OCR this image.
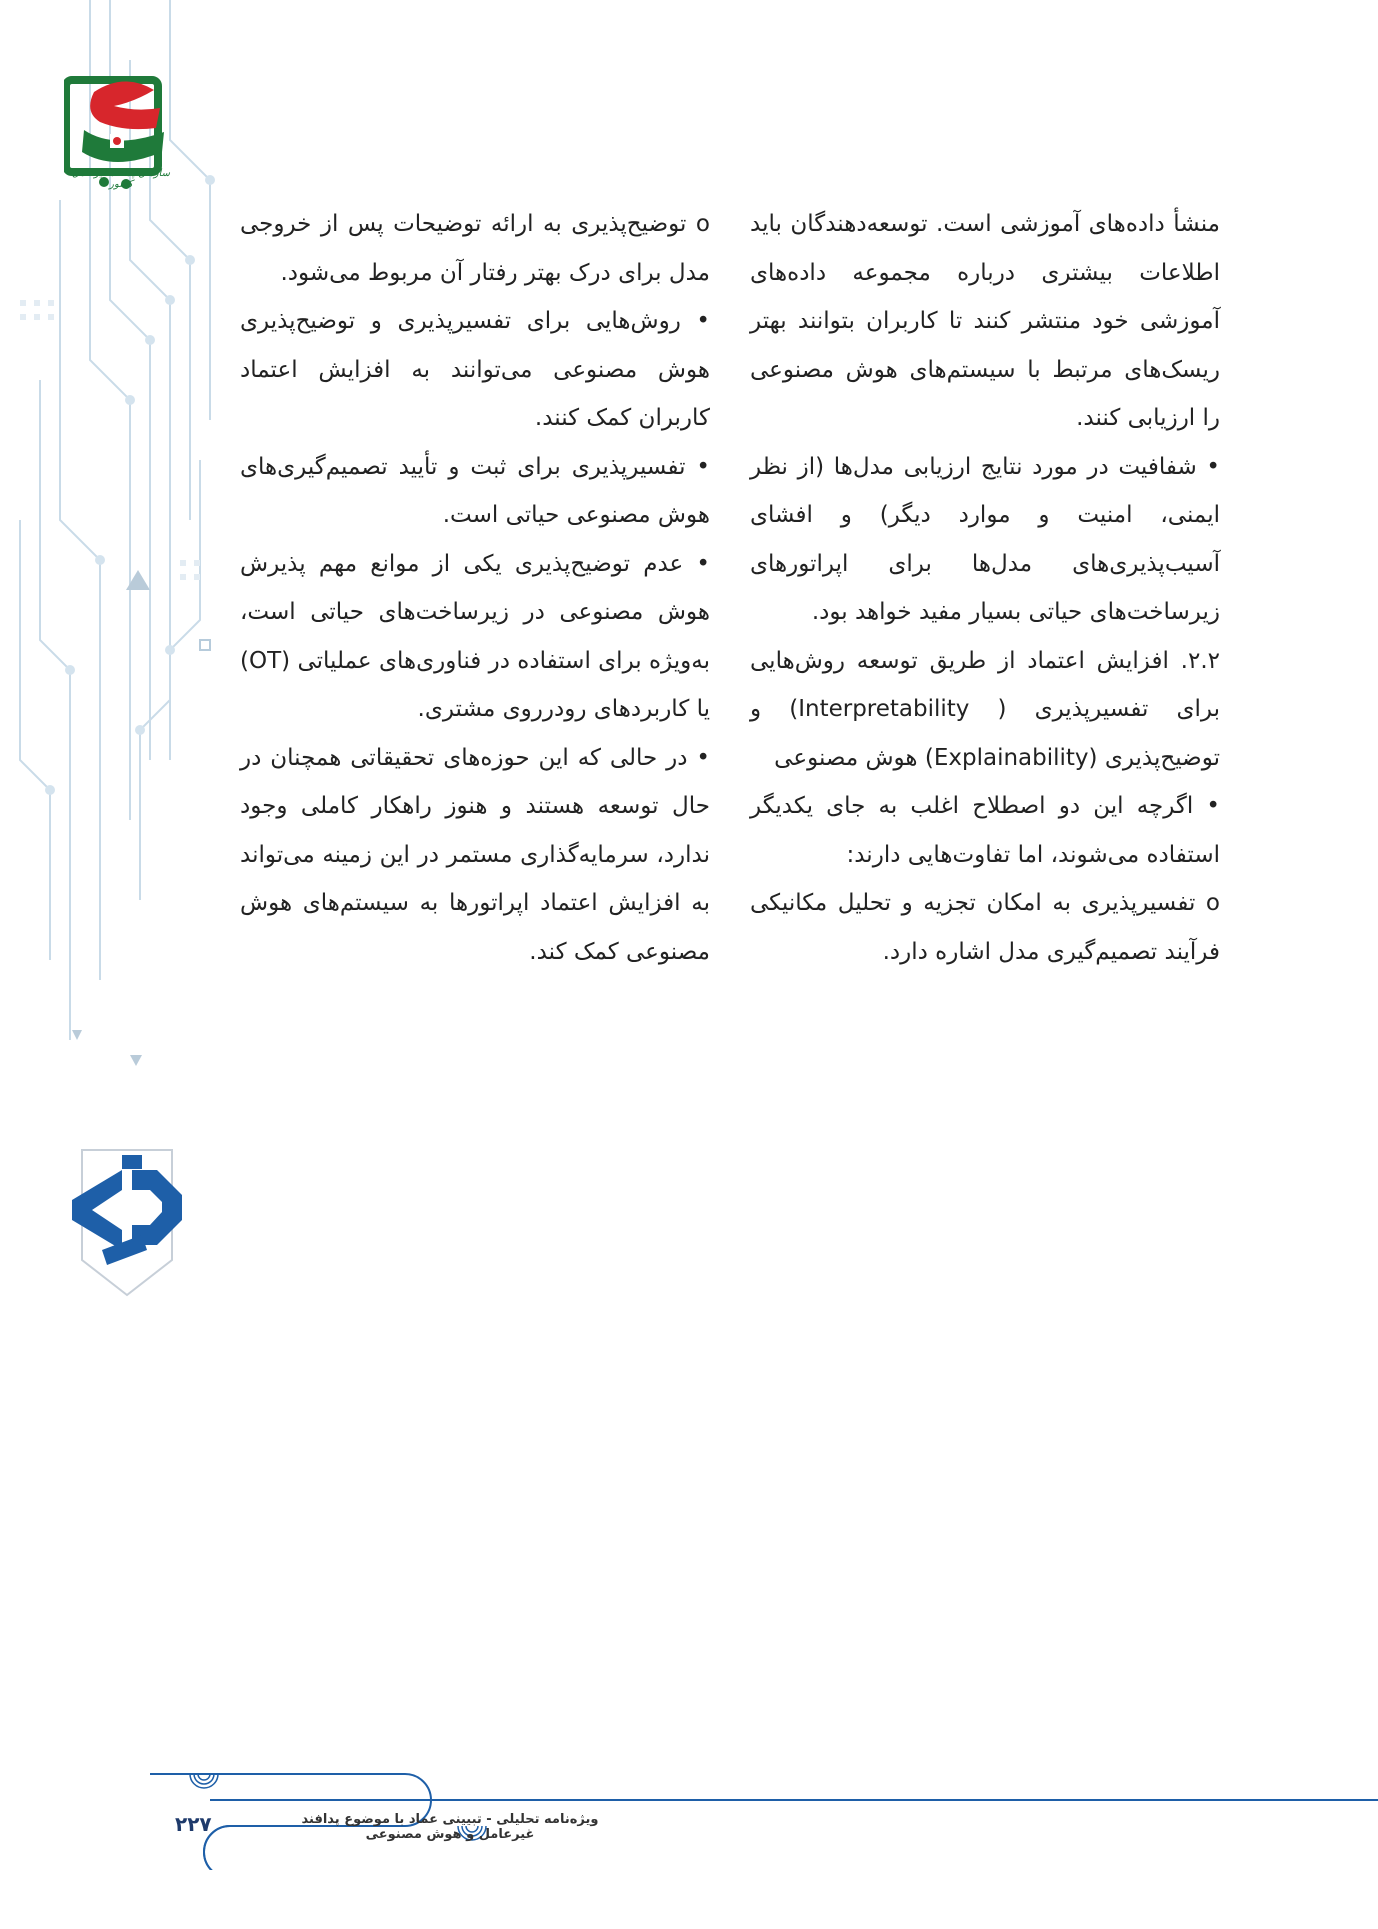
سازمان پدافند غیرعامل کشور

منشأ داده‌های آموزشی است. توسعه‌دهندگان باید اطلاعات بیشتری درباره مجموعه داده‌های آموزشی خود منتشر کنند تا کاربران بتوانند بهتر ریسک‌های مرتبط با سیستم‌های هوش مصنوعی را ارزیابی کنند.

• شفافیت در مورد نتایج ارزیابی مدل‌ها (از نظر ایمنی، امنیت و موارد دیگر) و افشای آسیب‌پذیری‌های مدل‌ها برای اپراتورهای زیرساخت‌های حیاتی بسیار مفید خواهد بود.

۲.۲. افزایش اعتماد از طریق توسعه روش‌هایی برای تفسیرپذیری ( Interpretability) و توضیح‌پذیری (Explainability) هوش مصنوعی

• اگرچه این دو اصطلاح اغلب به جای یکدیگر استفاده می‌شوند، اما تفاوت‌هایی دارند:

o تفسیرپذیری به امکان تجزیه و تحلیل مکانیکی فرآیند تصمیم‌گیری مدل اشاره دارد.

o توضیح‌پذیری به ارائه توضیحات پس از خروجی مدل برای درک بهتر رفتار آن مربوط می‌شود.

• روش‌هایی برای تفسیرپذیری و توضیح‌پذیری هوش مصنوعی می‌توانند به افزایش اعتماد کاربران کمک کنند.

• تفسیرپذیری برای ثبت و تأیید تصمیم‌گیری‌های هوش مصنوعی حیاتی است.

• عدم توضیح‌پذیری یکی از موانع مهم پذیرش هوش مصنوعی در زیرساخت‌های حیاتی است، به‌ویژه برای استفاده در فناوری‌های عملیاتی (OT) یا کاربردهای رودرروی مشتری.

• در حالی که این حوزه‌های تحقیقاتی همچنان در حال توسعه هستند و هنوز راهکار کاملی وجود ندارد، سرمایه‌گذاری مستمر در این زمینه می‌تواند به افزایش اعتماد اپراتورها به سیستم‌های هوش مصنوعی کمک کند.

۲۲۷	ویژه‌نامه تحلیلی - تبیینی عماد با موضوع پدافند غیرعامل و هوش مصنوعی
